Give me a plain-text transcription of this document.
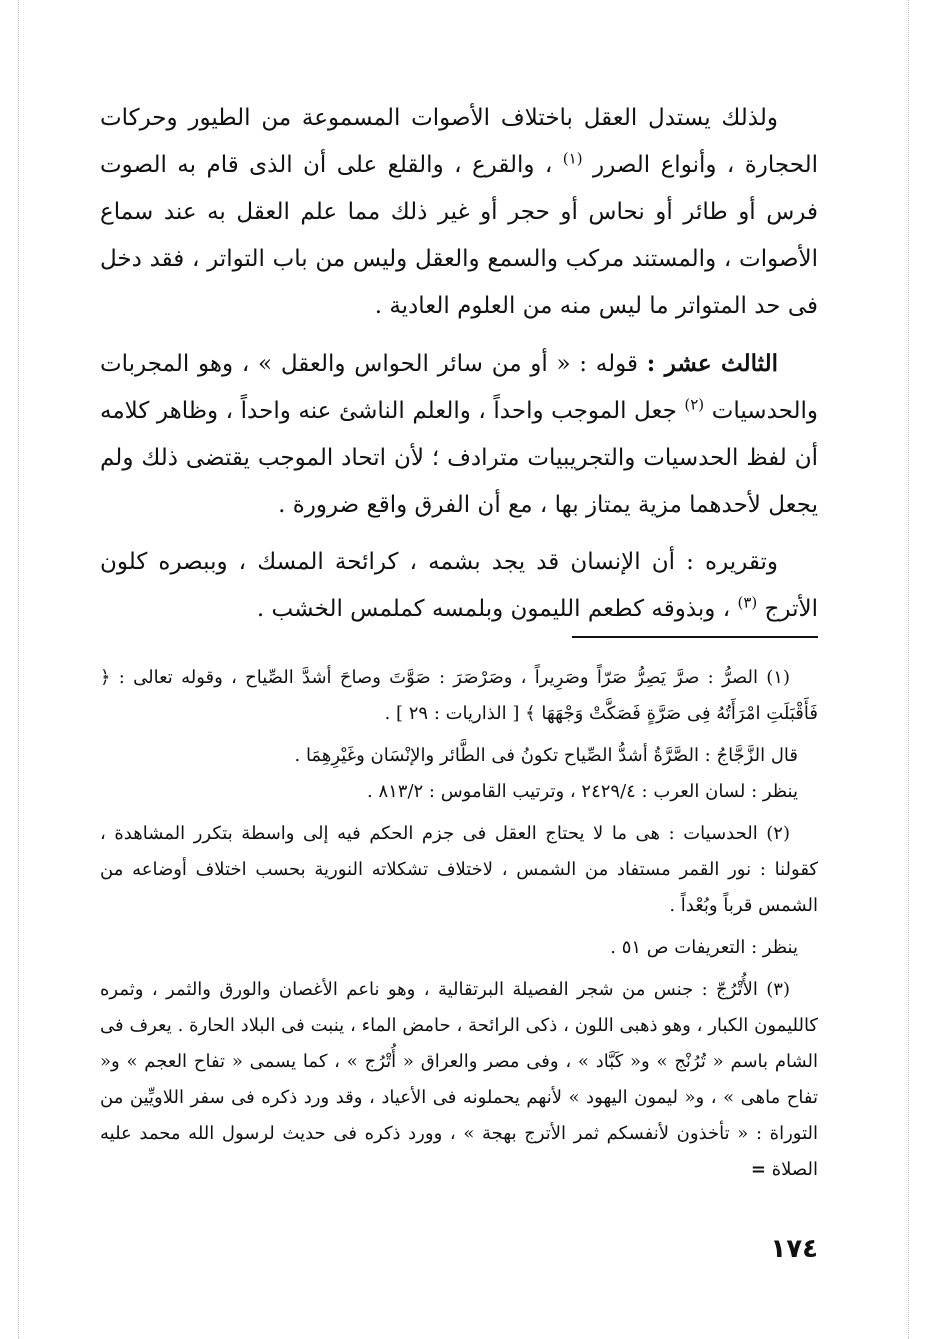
ولذلك يستدل العقل باختلاف الأصوات المسموعة من الطيور وحركات الحجارة ، وأنواع الصرر $^{(١)}$ ، والقرع ، والقلع على أن الذى قام به الصوت فرس أو طائر أو نحاس أو حجر أو غير ذلك مما علم العقل به عند سماع الأصوات ، والمستند مركب والسمع والعقل وليس من باب التواتر ، فقد دخل فى حد المتواتر ما ليس منه من العلوم العادية .

الثالث عشر : قوله : « أو من سائر الحواس والعقل » ، وهو المجربات والحدسيات $^{(٢)}$ جعل الموجب واحداً ، والعلم الناشئ عنه واحداً ، وظاهر كلامه أن لفظ الحدسيات والتجريبيات مترادف ؛ لأن اتحاد الموجب يقتضى ذلك ولم يجعل لأحدهما مزية يمتاز بها ، مع أن الفرق واقع ضرورة .

وتقريره : أن الإنسان قد يجد بشمه ، كرائحة المسك ، وببصره كلون الأترج $^{(٣)}$ ، وبذوقه كطعم الليمون وبلمسه كملمس الخشب .

(١) الصرُّ : صرَّ يَصِرُّ صَرّاً وصَرِيراً ، وصَرْصَرَ : صَوَّتَ وصاحَ أشدَّ الصِّياح ، وقوله تعالى : ﴿ فَأَقْبَلَتِ امْرَأَتُهُ فِى صَرَّةٍ فَصَكَّتْ وَجْهَهَا ﴾ [ الذاريات : ٢٩ ] .

قال الزَّجَّاجُ : الصَّرَّةُ أشدُّ الصِّياح تكونُ فى الطَّائر والإنْسَان وغَيْرِهِمَا .

ينظر : لسان العرب : ٢٤٢٩/٤ ، وترتيب القاموس : ٨١٣/٢ .

(٢) الحدسيات : هى ما لا يحتاج العقل فى جزم الحكم فيه إلى واسطة بتكرر المشاهدة ، كقولنا : نور القمر مستفاد من الشمس ، لاختلاف تشكلاته النورية بحسب اختلاف أوضاعه من الشمس قرباً وبُعْداً .

ينظر : التعريفات ص ٥١ .

(٣) الأُتْرُجّ : جنس من شجر الفصيلة البرتقالية ، وهو ناعم الأغصان والورق والثمر ، وثمره كالليمون الكبار ، وهو ذهبى اللون ، ذكى الرائحة ، حامض الماء ، ينبت فى البلاد الحارة . يعرف فى الشام باسم « تُرُنْج » و« كَبَّاد » ، وفى مصر والعراق « أُتْرُج » ، كما يسمى « تفاح العجم » و« تفاح ماهى » ، و« ليمون اليهود » لأنهم يحملونه فى الأعياد ، وقد ورد ذكره فى سفر اللاويِّين من التوراة : « تأخذون لأنفسكم ثمر الأترج بهجة » ، وورد ذكره فى حديث لرسول الله محمد عليه الصلاة =

١٧٤
